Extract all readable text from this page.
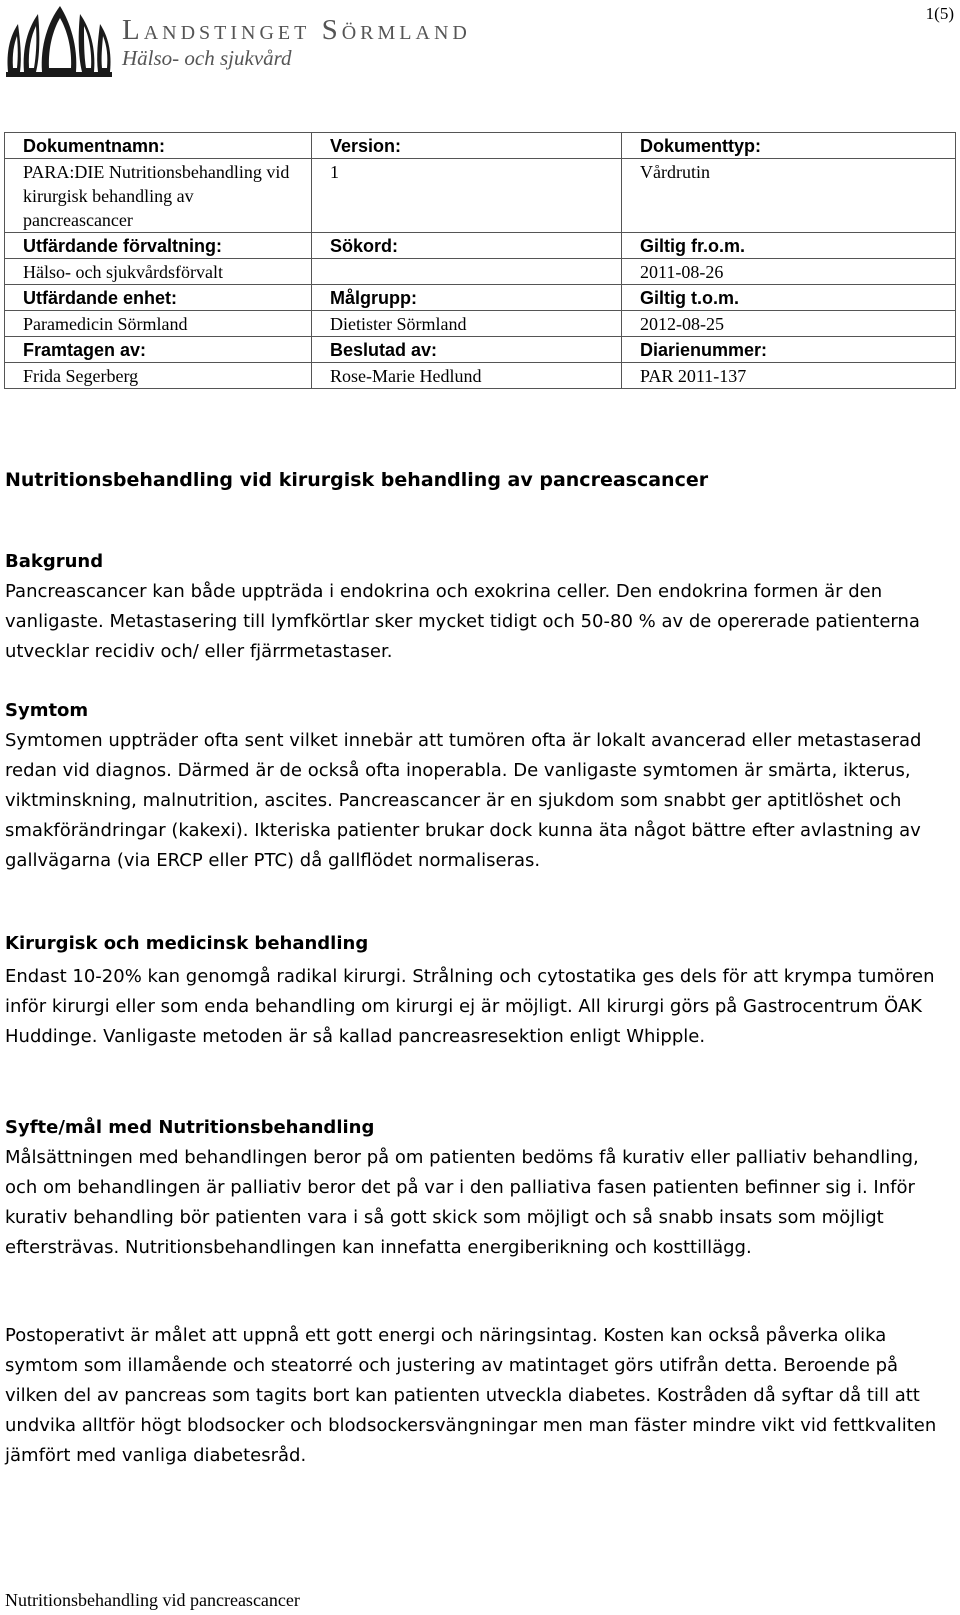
1(5)
Landstinget Sörmland
Hälso- och sjukvård
Dokumentnamn:	Version:	Dokumenttyp:
PARA:DIE Nutritionsbehandling vid kirurgisk behandling av pancreascancer	1	Vårdrutin
Utfärdande förvaltning:	Sökord:	Giltig fr.o.m.
Hälso- och sjukvårdsförvalt		2011-08-26
Utfärdande enhet:	Målgrupp:	Giltig t.o.m.
Paramedicin Sörmland	Dietister Sörmland	2012-08-25
Framtagen av:	Beslutad av:	Diarienummer:
Frida Segerberg	Rose-Marie Hedlund	PAR 2011-137
Nutritionsbehandling vid kirurgisk behandling av pancreascancer
Bakgrund

Pancreascancer kan både uppträda i endokrina och exokrina celler. Den endokrina formen är den vanligaste. Metastasering till lymfkörtlar sker mycket tidigt och 50-80 % av de opererade patienterna utvecklar recidiv och/ eller fjärrmetastaser.

Symtom

Symtomen uppträder ofta sent vilket innebär att tumören ofta är lokalt avancerad eller metastaserad redan vid diagnos. Därmed är de också ofta inoperabla. De vanligaste symtomen är smärta, ikterus, viktminskning, malnutrition, ascites. Pancreascancer är en sjukdom som snabbt ger aptitlöshet och smakförändringar (kakexi). Ikteriska patienter brukar dock kunna äta något bättre efter avlastning av gallvägarna (via ERCP eller PTC) då gallflödet normaliseras.

Kirurgisk och medicinsk behandling

Endast 10-20% kan genomgå radikal kirurgi. Strålning och cytostatika ges dels för att krympa tumören inför kirurgi eller som enda behandling om kirurgi ej är möjligt. All kirurgi görs på Gastrocentrum ÖAK Huddinge. Vanligaste metoden är så kallad pancreasresektion enligt Whipple.

Syfte/mål med Nutritionsbehandling

Målsättningen med behandlingen beror på om patienten bedöms få kurativ eller palliativ behandling, och om behandlingen är palliativ beror det på var i den palliativa fasen patienten befinner sig i. Inför kurativ behandling bör patienten vara i så gott skick som möjligt och så snabb insats som möjligt eftersträvas. Nutritionsbehandlingen kan innefatta energiberikning och kosttillägg.

Postoperativt är målet att uppnå ett gott energi och näringsintag. Kosten kan också påverka olika symtom som illamående och steatorré och justering av matintaget görs utifrån detta. Beroende på vilken del av pancreas som tagits bort kan patienten utveckla diabetes. Kostråden då syftar då till att undvika alltför högt blodsocker och blodsockersvängningar men man fäster mindre vikt vid fettkvaliten jämfört med vanliga diabetesråd.

Nutritionsbehandling vid pancreascancer
